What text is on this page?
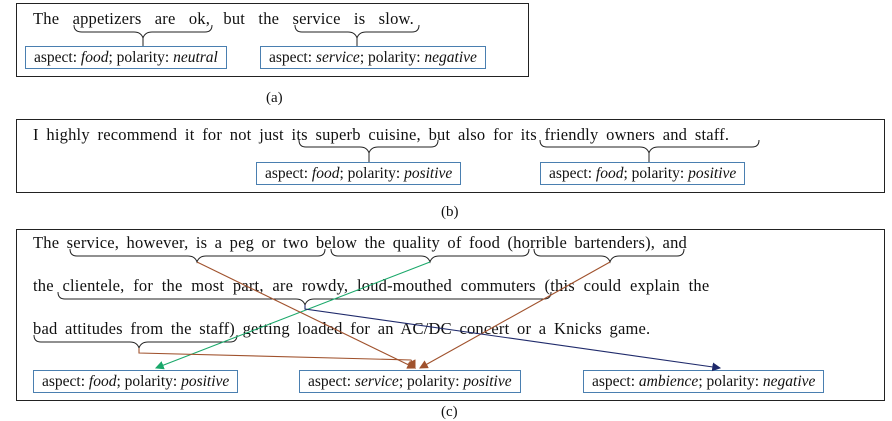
The appetizers are ok, but the service is slow.
aspect: food; polarity: neutral	aspect: service; polarity: negative
(a)
I highly recommend it for not just its superb cuisine, but also for its friendly owners and staff.
aspect: food; polarity: positive	aspect: food; polarity: positive
(b)
The service, however, is a peg or two below the quality of food (horrible bartenders), and
the clientele, for the most part, are rowdy, loud-mouthed commuters (this could explain the
bad attitudes from the staff) getting loaded for an AC/DC concert or a Knicks game.
aspect: food; polarity: positive	aspect: service; polarity: positive	aspect: ambience; polarity: negative
(c)
